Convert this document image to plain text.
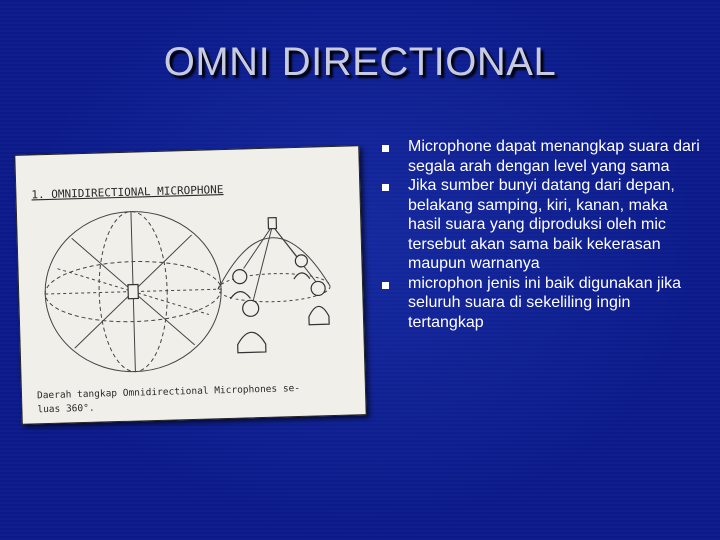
OMNI DIRECTIONAL
1. OMNIDIRECTIONAL MICROPHONE
Daerah tangkap Omnidirectional Microphones se-
luas 360°.
Microphone dapat menangkap suara dari segala arah dengan level yang sama
Jika sumber bunyi datang dari depan, belakang samping, kiri, kanan, maka hasil suara yang diproduksi oleh mic tersebut akan sama baik kekerasan maupun warnanya
microphon jenis ini baik digunakan jika seluruh suara di sekeliling ingin tertangkap
